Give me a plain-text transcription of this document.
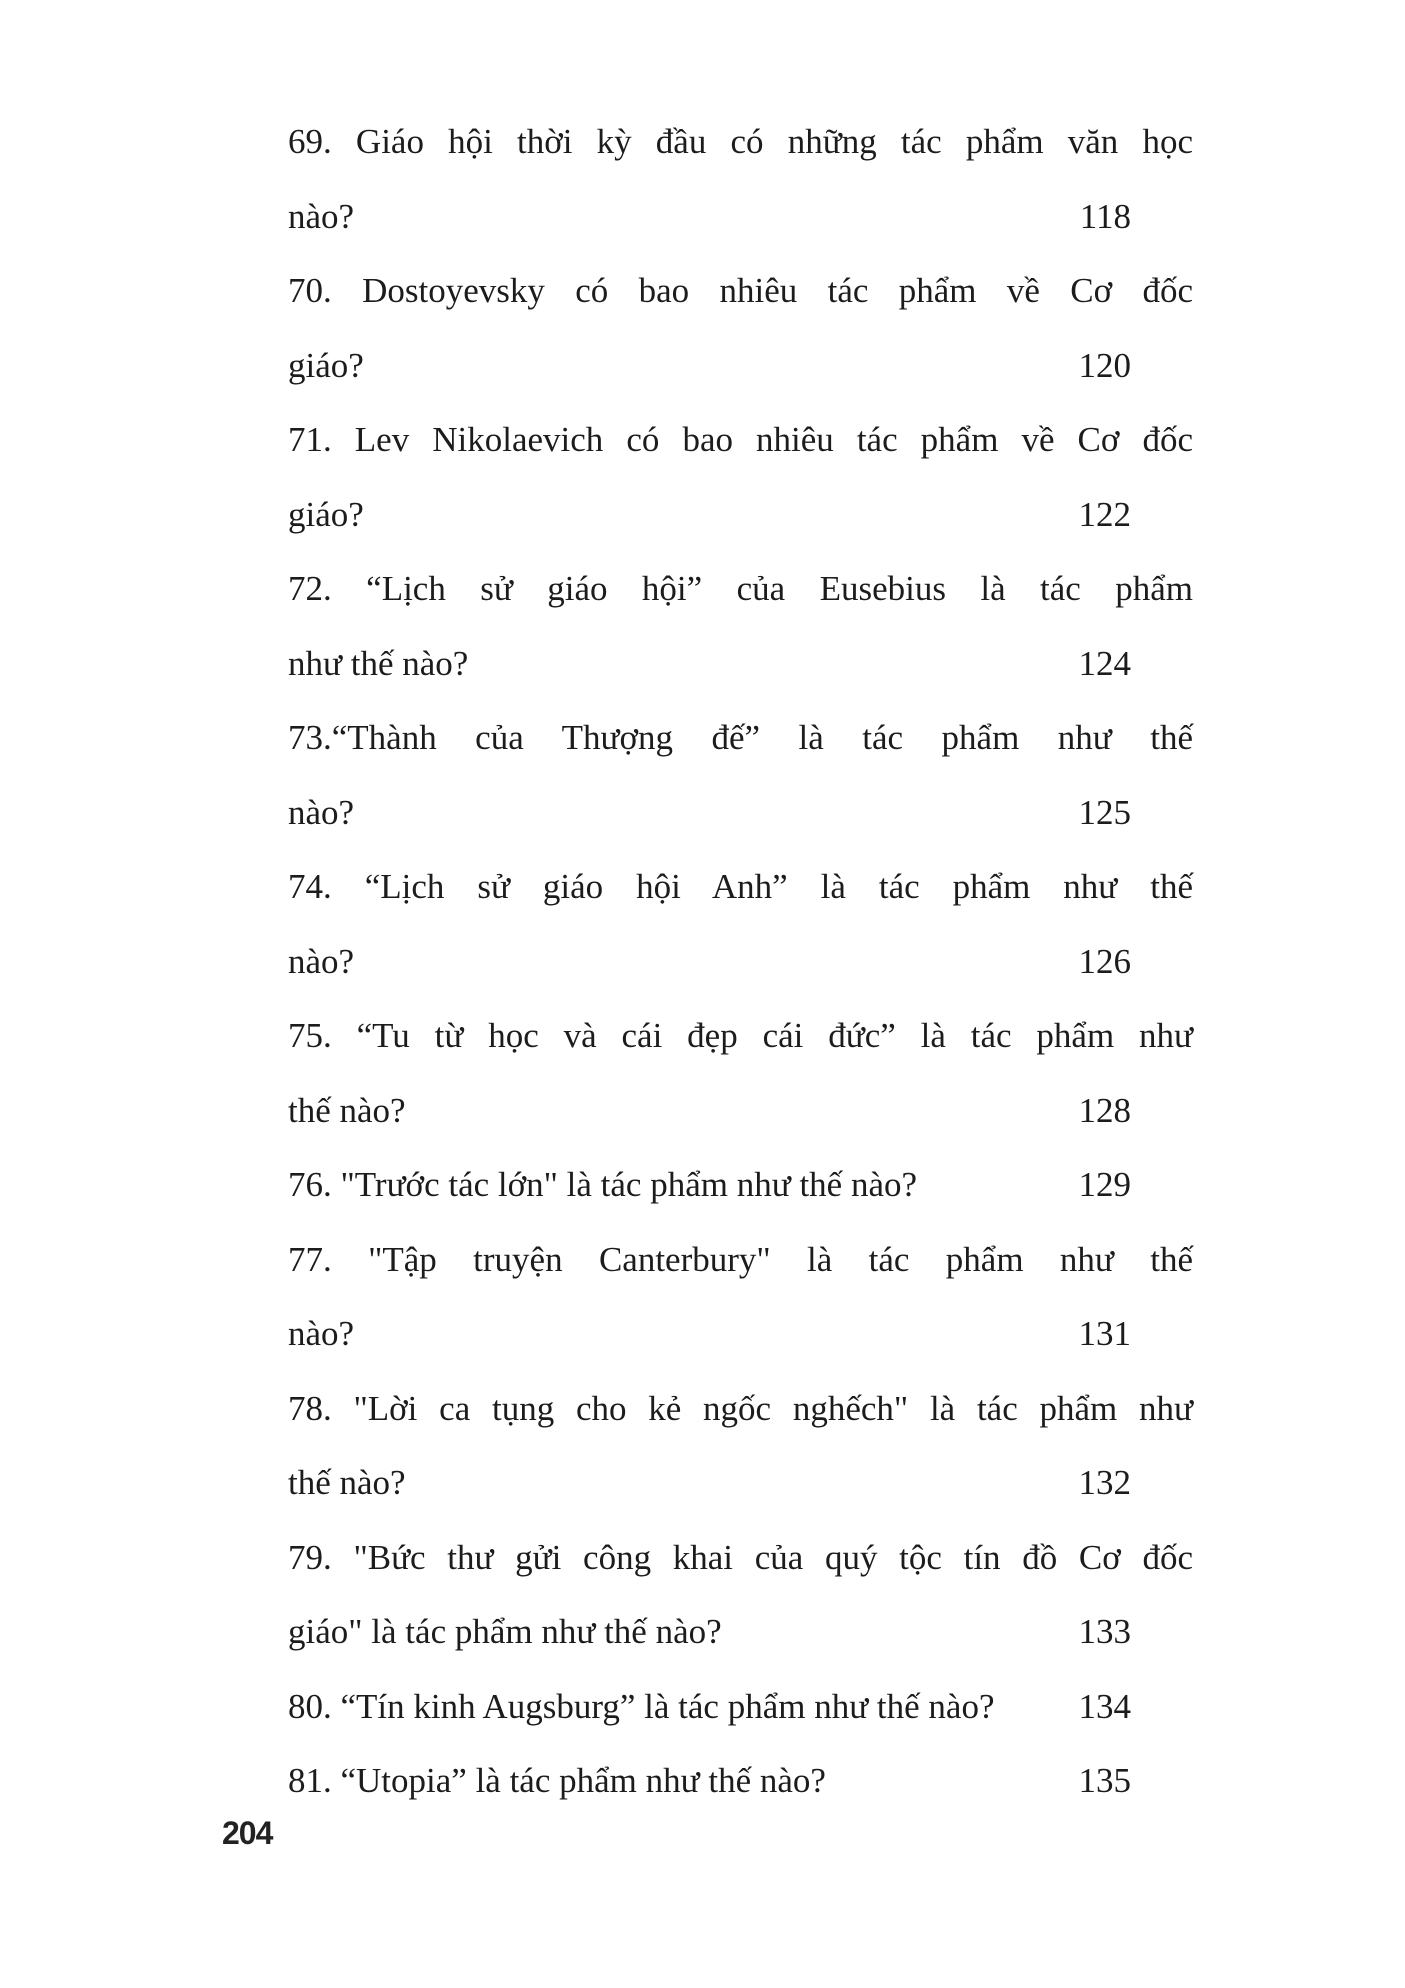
69. Giáo hội thời kỳ đầu có những tác phẩm văn học
nào?	118
70. Dostoyevsky có bao nhiêu tác phẩm về Cơ đốc
giáo?	120
71. Lev Nikolaevich có bao nhiêu tác phẩm về Cơ đốc
giáo?	122
72. “Lịch sử giáo hội” của Eusebius là tác phẩm
như thế nào?	124
73.“Thành của Thượng đế” là tác phẩm như thế
nào?	125
74. “Lịch sử giáo hội Anh” là tác phẩm như thế
nào?	126
75. “Tu từ học và cái đẹp cái đức” là tác phẩm như
thế nào?	128
76. "Trước tác lớn" là tác phẩm như thế nào?	129
77. "Tập truyện Canterbury" là tác phẩm như thế
nào?	131
78. "Lời ca tụng cho kẻ ngốc nghếch" là tác phẩm như
thế nào?	132
79. "Bức thư gửi công khai của quý tộc tín đồ Cơ đốc
giáo" là tác phẩm như thế nào?	133
80. “Tín kinh Augsburg” là tác phẩm như thế nào? 134
81. “Utopia” là tác phẩm như thế nào?	135
204
